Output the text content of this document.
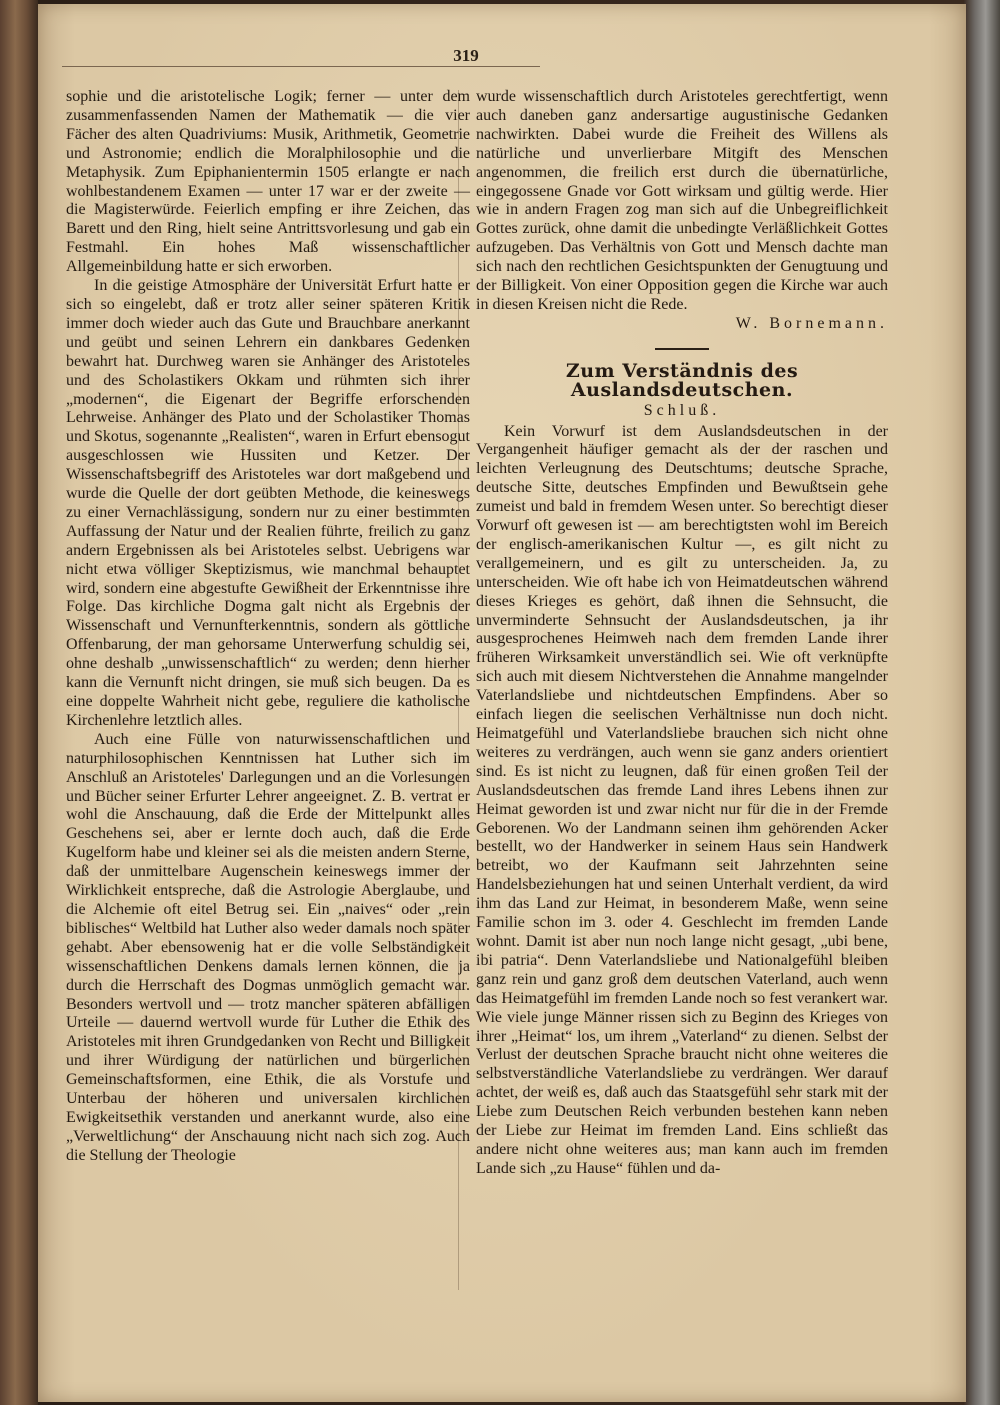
319

sophie und die aristotelische Logik; ferner — unter dem zusammenfassenden Namen der Mathematik — die vier Fächer des alten Quadriviums: Musik, Arithmetik, Geometrie und Astronomie; endlich die Moralphilosophie und die Metaphysik. Zum Epiphanientermin 1505 erlangte er nach wohlbestandenem Examen — unter 17 war er der zweite — die Magisterwürde. Feierlich empfing er ihre Zeichen, das Barett und den Ring, hielt seine Antrittsvorlesung und gab ein Festmahl. Ein hohes Maß wissenschaftlicher Allgemeinbildung hatte er sich erworben.

In die geistige Atmosphäre der Universität Erfurt hatte er sich so eingelebt, daß er trotz aller seiner späteren Kritik immer doch wieder auch das Gute und Brauchbare anerkannt und geübt und seinen Lehrern ein dankbares Gedenken bewahrt hat. Durchweg waren sie Anhänger des Aristoteles und des Scholastikers Okkam und rühmten sich ihrer „modernen“, die Eigenart der Begriffe erforschenden Lehrweise. Anhänger des Plato und der Scholastiker Thomas und Skotus, sogenannte „Realisten“, waren in Erfurt ebensogut ausgeschlossen wie Hussiten und Ketzer. Der Wissenschaftsbegriff des Aristoteles war dort maßgebend und wurde die Quelle der dort geübten Methode, die keineswegs zu einer Vernachlässigung, sondern nur zu einer bestimmten Auffassung der Natur und der Realien führte, freilich zu ganz andern Ergebnissen als bei Aristoteles selbst. Uebrigens war nicht etwa völliger Skeptizismus, wie manchmal behauptet wird, sondern eine abgestufte Gewißheit der Erkenntnisse ihre Folge. Das kirchliche Dogma galt nicht als Ergebnis der Wissenschaft und Vernunfterkenntnis, sondern als göttliche Offenbarung, der man gehorsame Unterwerfung schuldig sei, ohne deshalb „unwissenschaftlich“ zu werden; denn hierher kann die Vernunft nicht dringen, sie muß sich beugen. Da es eine doppelte Wahrheit nicht gebe, reguliere die katholische Kirchenlehre letztlich alles.

Auch eine Fülle von naturwissenschaftlichen und naturphilosophischen Kenntnissen hat Luther sich im Anschluß an Aristoteles' Darlegungen und an die Vorlesungen und Bücher seiner Erfurter Lehrer angeeignet. Z. B. vertrat er wohl die Anschauung, daß die Erde der Mittelpunkt alles Geschehens sei, aber er lernte doch auch, daß die Erde Kugelform habe und kleiner sei als die meisten andern Sterne, daß der unmittelbare Augenschein keineswegs immer der Wirklichkeit entspreche, daß die Astrologie Aberglaube, und die Alchemie oft eitel Betrug sei. Ein „naives“ oder „rein biblisches“ Weltbild hat Luther also weder damals noch später gehabt. Aber ebensowenig hat er die volle Selbständigkeit wissenschaftlichen Denkens damals lernen können, die ja durch die Herrschaft des Dogmas unmöglich gemacht war. Besonders wertvoll und — trotz mancher späteren abfälligen Urteile — dauernd wertvoll wurde für Luther die Ethik des Aristoteles mit ihren Grundgedanken von Recht und Billigkeit und ihrer Würdigung der natürlichen und bürgerlichen Gemeinschaftsformen, eine Ethik, die als Vorstufe und Unterbau der höheren und universalen kirchlichen Ewigkeitsethik verstanden und anerkannt wurde, also eine „Verweltlichung“ der Anschauung nicht nach sich zog. Auch die Stellung der Theologie

wurde wissenschaftlich durch Aristoteles gerechtfertigt, wenn auch daneben ganz andersartige augustinische Gedanken nachwirkten. Dabei wurde die Freiheit des Willens als natürliche und unverlierbare Mitgift des Menschen angenommen, die freilich erst durch die übernatürliche, eingegossene Gnade vor Gott wirksam und gültig werde. Hier wie in andern Fragen zog man sich auf die Unbegreiflichkeit Gottes zurück, ohne damit die unbedingte Verläßlichkeit Gottes aufzugeben. Das Verhältnis von Gott und Mensch dachte man sich nach den rechtlichen Gesichtspunkten der Genugtuung und der Billigkeit. Von einer Opposition gegen die Kirche war auch in diesen Kreisen nicht die Rede.

W. Bornemann.

Zum Verständnis des Auslandsdeutschen.
Schluß.

Kein Vorwurf ist dem Auslandsdeutschen in der Vergangenheit häufiger gemacht als der der raschen und leichten Verleugnung des Deutschtums; deutsche Sprache, deutsche Sitte, deutsches Empfinden und Bewußtsein gehe zumeist und bald in fremdem Wesen unter. So berechtigt dieser Vorwurf oft gewesen ist — am berechtigtsten wohl im Bereich der englisch-amerikanischen Kultur —, es gilt nicht zu verallgemeinern, und es gilt zu unterscheiden. Ja, zu unterscheiden. Wie oft habe ich von Heimatdeutschen während dieses Krieges es gehört, daß ihnen die Sehnsucht, die unverminderte Sehnsucht der Auslandsdeutschen, ja ihr ausgesprochenes Heimweh nach dem fremden Lande ihrer früheren Wirksamkeit unverständlich sei. Wie oft verknüpfte sich auch mit diesem Nichtverstehen die Annahme mangelnder Vaterlandsliebe und nichtdeutschen Empfindens. Aber so einfach liegen die seelischen Verhältnisse nun doch nicht. Heimatgefühl und Vaterlandsliebe brauchen sich nicht ohne weiteres zu verdrängen, auch wenn sie ganz anders orientiert sind. Es ist nicht zu leugnen, daß für einen großen Teil der Auslandsdeutschen das fremde Land ihres Lebens ihnen zur Heimat geworden ist und zwar nicht nur für die in der Fremde Geborenen. Wo der Landmann seinen ihm gehörenden Acker bestellt, wo der Handwerker in seinem Haus sein Handwerk betreibt, wo der Kaufmann seit Jahrzehnten seine Handelsbeziehungen hat und seinen Unterhalt verdient, da wird ihm das Land zur Heimat, in besonderem Maße, wenn seine Familie schon im 3. oder 4. Geschlecht im fremden Lande wohnt. Damit ist aber nun noch lange nicht gesagt, „ubi bene, ibi patria“. Denn Vaterlandsliebe und Nationalgefühl bleiben ganz rein und ganz groß dem deutschen Vaterland, auch wenn das Heimatgefühl im fremden Lande noch so fest verankert war. Wie viele junge Männer rissen sich zu Beginn des Krieges von ihrer „Heimat“ los, um ihrem „Vaterland“ zu dienen. Selbst der Verlust der deutschen Sprache braucht nicht ohne weiteres die selbstverständliche Vaterlandsliebe zu verdrängen. Wer darauf achtet, der weiß es, daß auch das Staatsgefühl sehr stark mit der Liebe zum Deutschen Reich verbunden bestehen kann neben der Liebe zur Heimat im fremden Land. Eins schließt das andere nicht ohne weiteres aus; man kann auch im fremden Lande sich „zu Hause“ fühlen und da-
